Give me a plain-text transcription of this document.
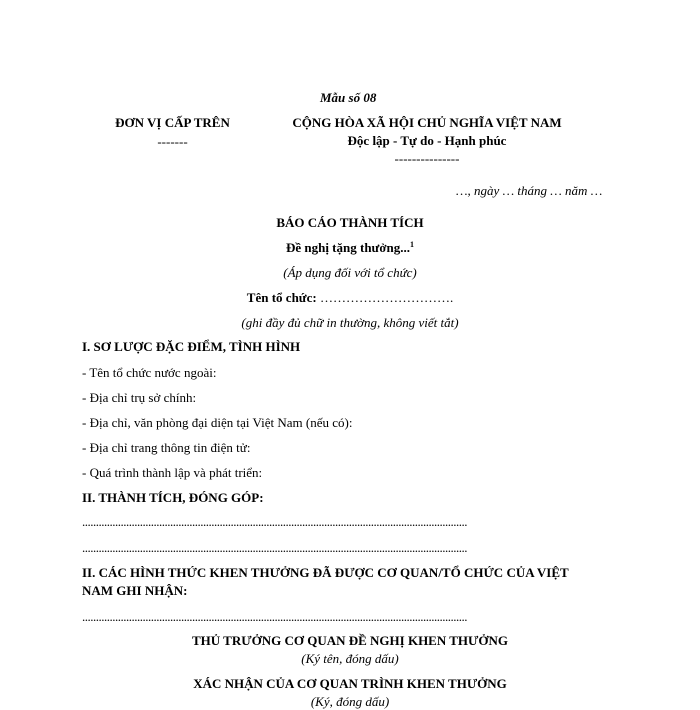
Mẫu số 08
ĐƠN VỊ CẤP TRÊN
-------
CỘNG HÒA XÃ HỘI CHỦ NGHĨA VIỆT NAM
Độc lập - Tự do - Hạnh phúc
---------------
…, ngày … tháng … năm …
BÁO CÁO THÀNH TÍCH
Đề nghị tặng thưởng...$^1$
(Áp dụng đối với tổ chức)
Tên tổ chức: ………………………….
(ghi đầy đủ chữ in thường, không viết tắt)
I. SƠ LƯỢC ĐẶC ĐIỂM, TÌNH HÌNH
- Tên tổ chức nước ngoài:
- Địa chỉ trụ sở chính:
- Địa chỉ, văn phòng đại diện tại Việt Nam (nếu có):
- Địa chỉ trang thông tin điện tử:
- Quá trình thành lập và phát triển:
II. THÀNH TÍCH, ĐÓNG GÓP:
............................................................................................................................................
............................................................................................................................................
II. CÁC HÌNH THỨC KHEN THƯỞNG ĐÃ ĐƯỢC CƠ QUAN/TỔ CHỨC CỦA VIỆT
NAM GHI NHẬN:
............................................................................................................................................
THỦ TRƯỞNG CƠ QUAN ĐỀ NGHỊ KHEN THƯỞNG
(Ký tên, đóng dấu)
XÁC NHẬN CỦA CƠ QUAN TRÌNH KHEN THƯỞNG
(Ký, đóng dấu)
